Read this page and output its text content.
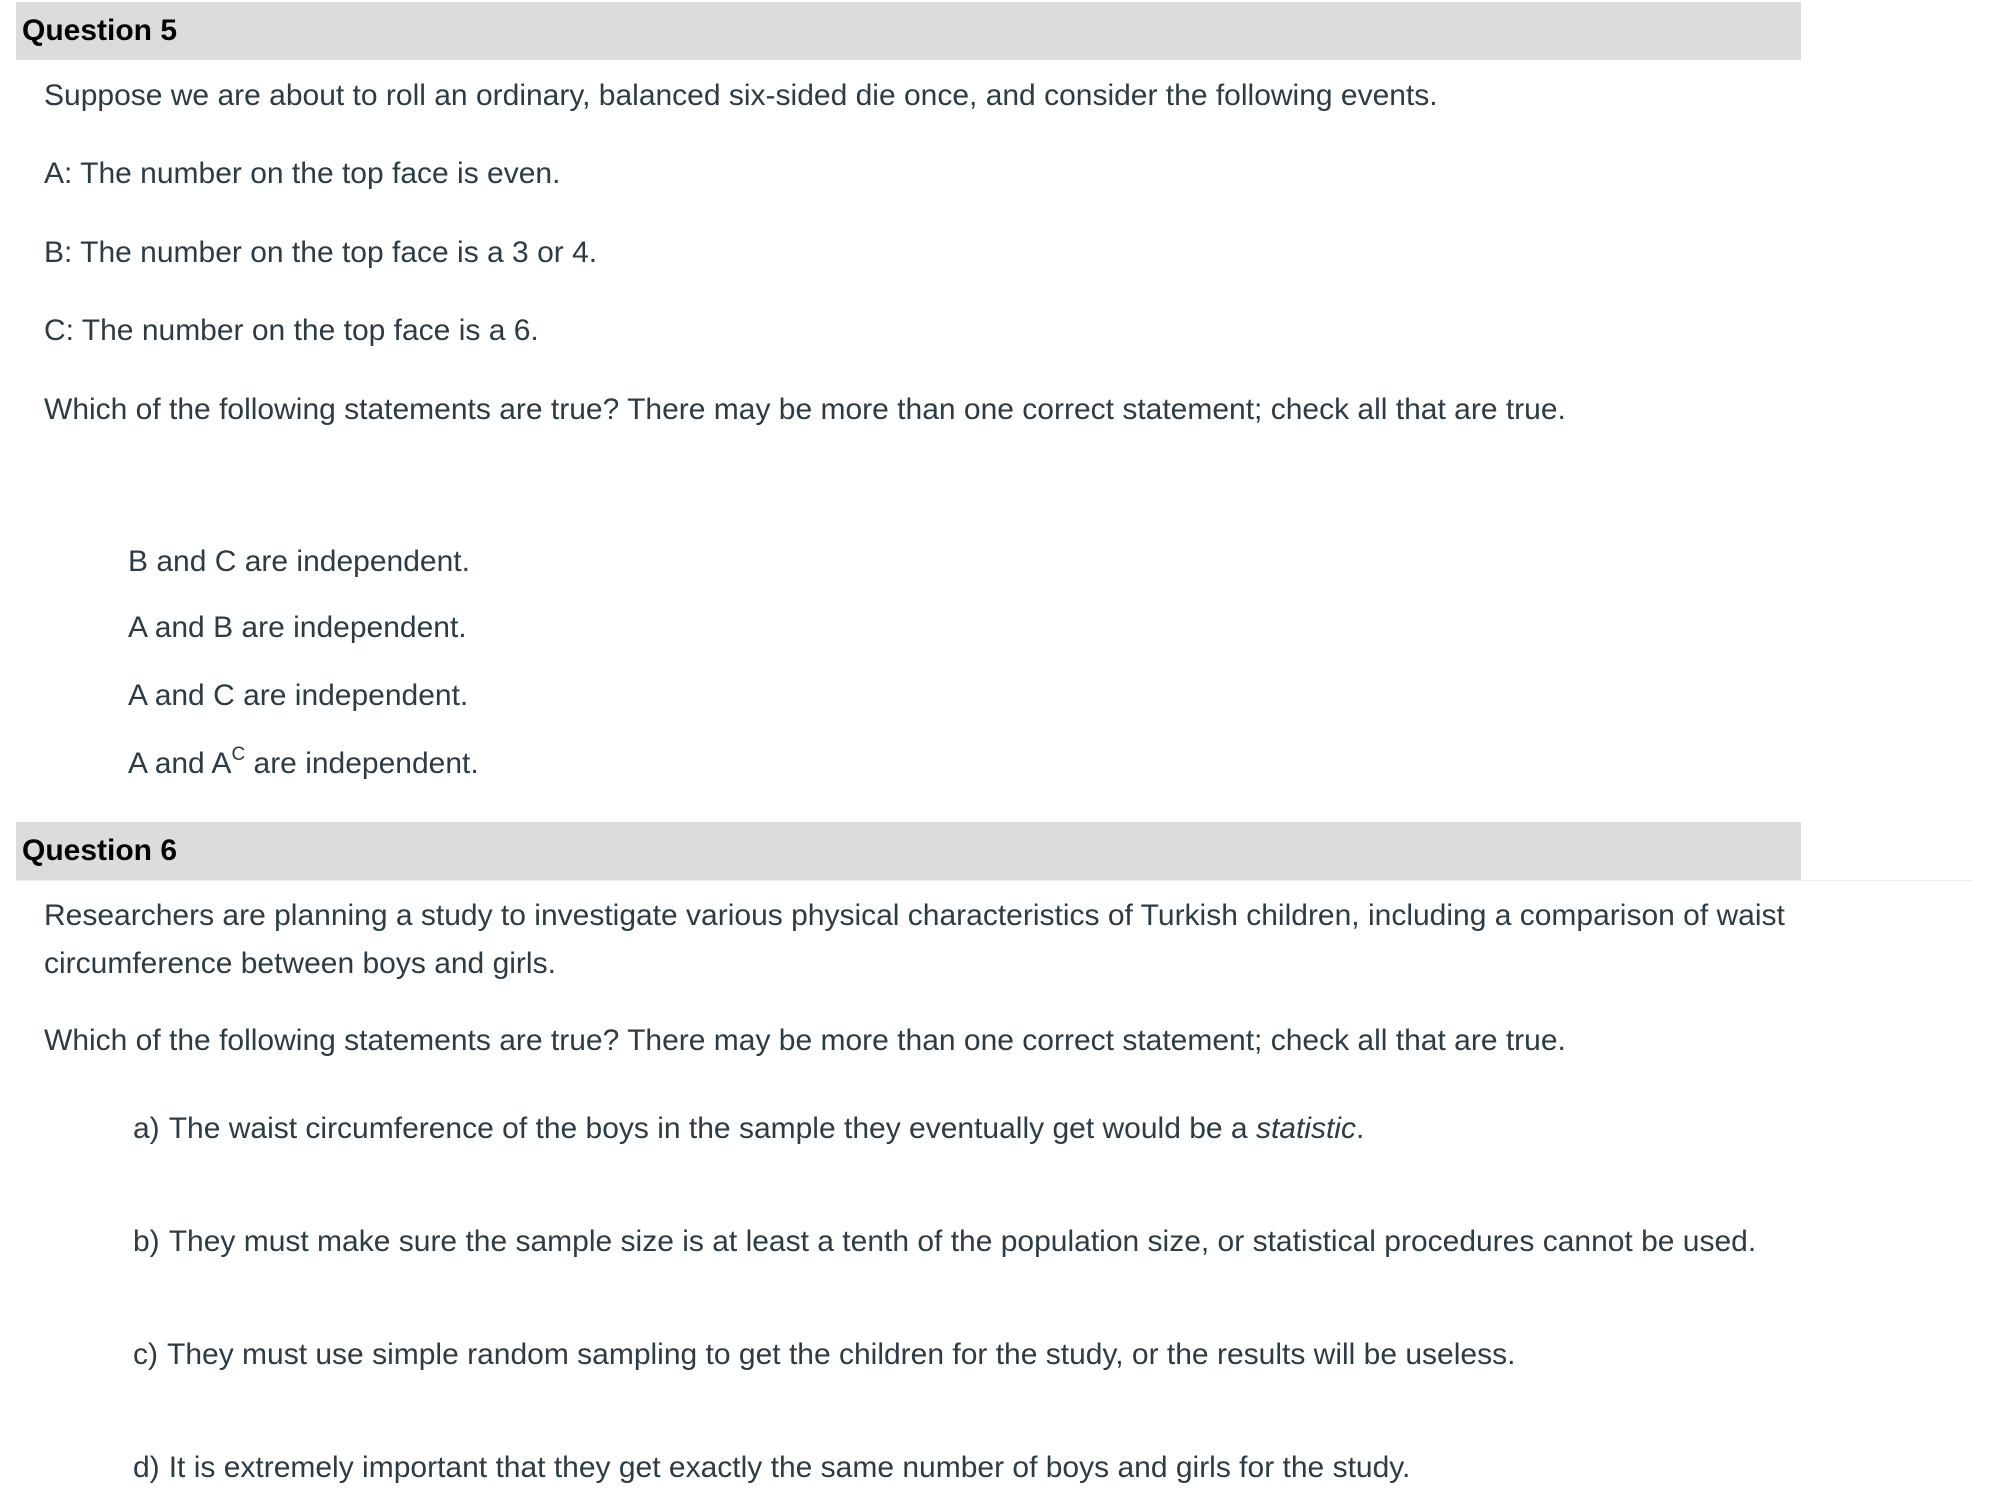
Question 5
Suppose we are about to roll an ordinary, balanced six-sided die once, and consider the following events.
A: The number on the top face is even.
B: The number on the top face is a 3 or 4.
C: The number on the top face is a 6.
Which of the following statements are true? There may be more than one correct statement; check all that are true.
B and C are independent.
A and B are independent.
A and C are independent.
A and $A^C$ are independent.
Question 6
Researchers are planning a study to investigate various physical characteristics of Turkish children, including a comparison of waist circumference between boys and girls.
Which of the following statements are true? There may be more than one correct statement; check all that are true.
a) The waist circumference of the boys in the sample they eventually get would be a statistic.
b) They must make sure the sample size is at least a tenth of the population size, or statistical procedures cannot be used.
c) They must use simple random sampling to get the children for the study, or the results will be useless.
d) It is extremely important that they get exactly the same number of boys and girls for the study.
